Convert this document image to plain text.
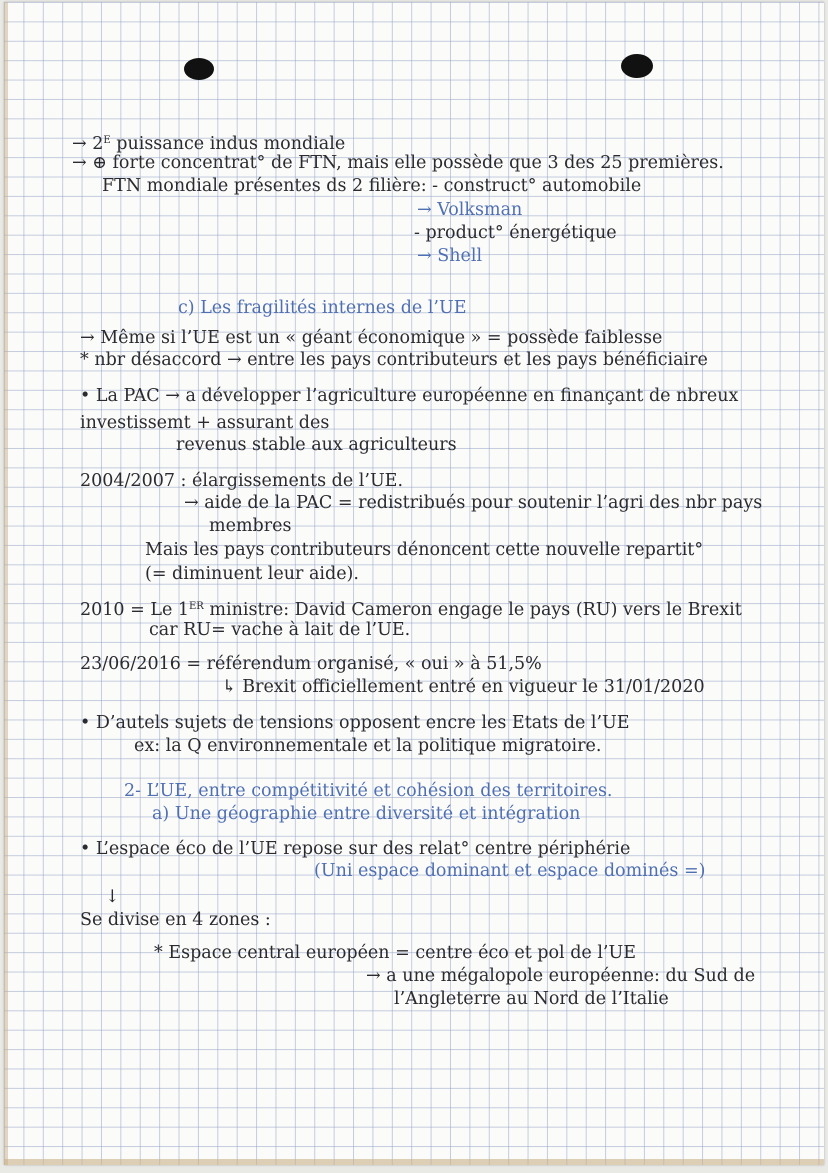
→ $2^E$ puissance indus mondiale
→ ⊕ forte concentrat° de FTN, mais elle possède que 3 des 25 premières.
FTN mondiale présentes ds 2 filière: - construct° automobile
→ Volksman
- product° énergétique
→ Shell
c) Les fragilités internes de l’UE
→ Même si l’UE est un « géant économique » = possède faiblesse
* nbr désaccord → entre les pays contributeurs et les pays bénéficiaire
• La PAC → a développer l’agriculture européenne en finançant de nbreux
investissemt + assurant des
revenus stable aux agriculteurs
2004/2007 : élargissements de l’UE.
→ aide de la PAC = redistribués pour soutenir l’agri des nbr pays
membres
Mais les pays contributeurs dénoncent cette nouvelle repartit°
(= diminuent leur aide).
2010 = Le 1ER ministre: David Cameron engage le pays (RU) vers le Brexit
car RU= vache à lait de l’UE.
23/06/2016 = référendum organisé, « oui » à 51,5%
↳ Brexit officiellement entré en vigueur le 31/01/2020
• D’autels sujets de tensions opposent encre les Etats de l’UE
ex: la Q environnementale et la politique migratoire.
2- L’UE, entre compétitivité et cohésion des territoires.
a) Une géographie entre diversité et intégration
• L’espace éco de l’UE repose sur des relat° centre périphérie
(Uni espace dominant et espace dominés =)
↓
Se divise en 4 zones :
* Espace central européen = centre éco et pol de l’UE
→ a une mégalopole européenne: du Sud de
l’Angleterre au Nord de l’Italie
